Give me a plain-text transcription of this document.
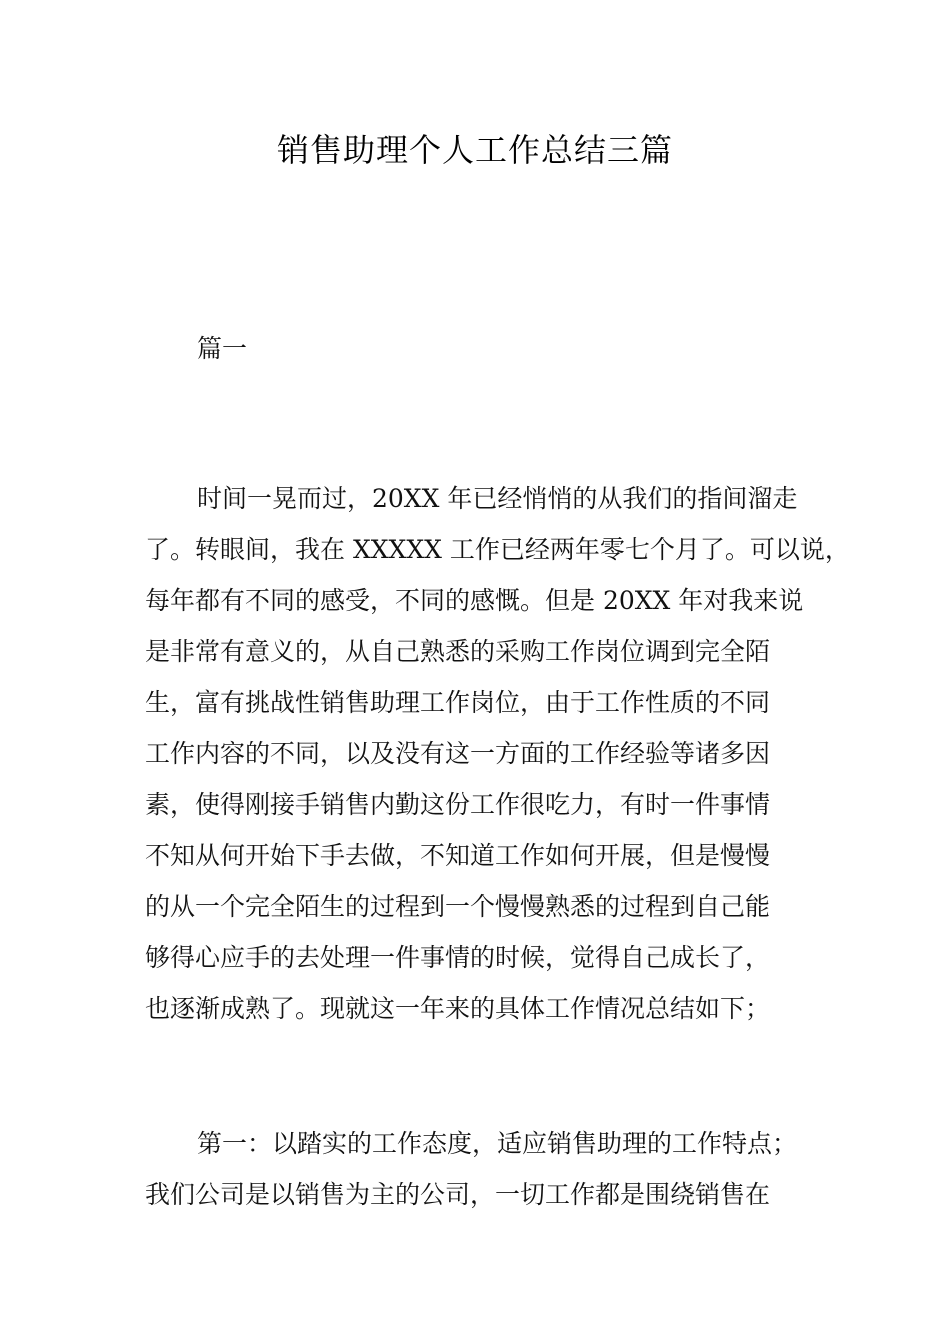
销售助理个人工作总结三篇
篇一
时间一晃而过，20XX 年已经悄悄的从我们的指间溜走
了。转眼间，我在 XXXXX 工作已经两年零七个月了。可以说，
每年都有不同的感受，不同的感慨。但是 20XX 年对我来说
是非常有意义的，从自己熟悉的采购工作岗位调到完全陌
生，富有挑战性销售助理工作岗位，由于工作性质的不同
工作内容的不同，以及没有这一方面的工作经验等诸多因
素，使得刚接手销售内勤这份工作很吃力，有时一件事情
不知从何开始下手去做，不知道工作如何开展，但是慢慢
的从一个完全陌生的过程到一个慢慢熟悉的过程到自己能
够得心应手的去处理一件事情的时候，觉得自己成长了，
也逐渐成熟了。现就这一年来的具体工作情况总结如下；
第一：以踏实的工作态度，适应销售助理的工作特点；
我们公司是以销售为主的公司，一切工作都是围绕销售在
